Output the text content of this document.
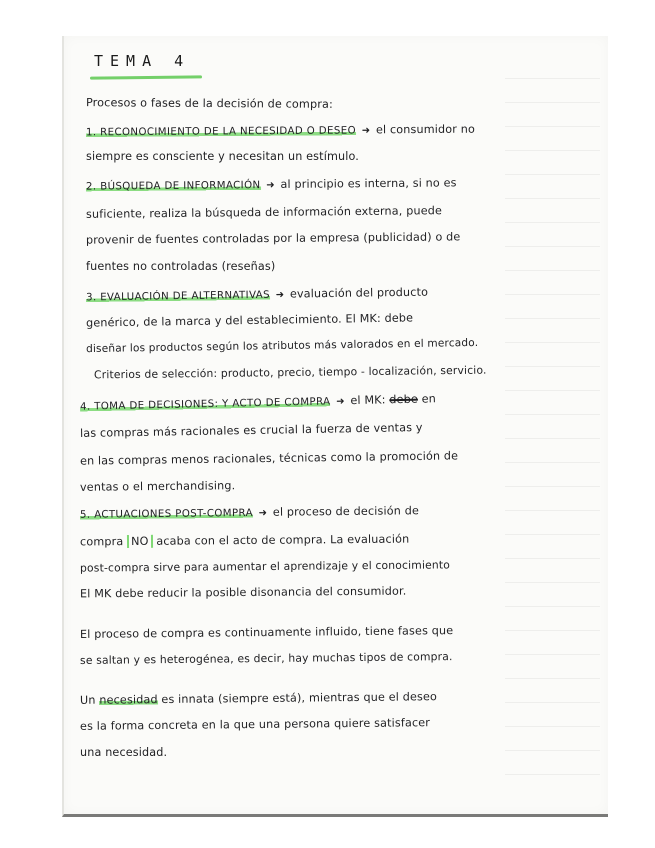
TEMA 4
Procesos o fases de la decisión de compra:
1. RECONOCIMIENTO DE LA NECESIDAD O DESEO ➜ el consumidor no
siempre es consciente y necesitan un estímulo.
2. BÚSQUEDA DE INFORMACIÓN ➜ al principio es interna, si no es
suficiente, realiza la búsqueda de información externa, puede
provenir de fuentes controladas por la empresa (publicidad) o de
fuentes no controladas (reseñas)
3. EVALUACIÓN DE ALTERNATIVAS ➜ evaluación del producto
genérico, de la marca y del establecimiento. El MK: debe
diseñar los productos según los atributos más valorados en el mercado.
Criterios de selección: producto, precio, tiempo - localización, servicio.
4. TOMA DE DECISIONES: Y ACTO DE COMPRA ➜ el MK: debe en
las compras más racionales es crucial la fuerza de ventas y
en las compras menos racionales, técnicas como la promoción de
ventas o el merchandising.
5. ACTUACIONES POST-COMPRA ➜ el proceso de decisión de
compra NO acaba con el acto de compra. La evaluación
post-compra sirve para aumentar el aprendizaje y el conocimiento
El MK debe reducir la posible disonancia del consumidor.
El proceso de compra es continuamente influido, tiene fases que
se saltan y es heterogénea, es decir, hay muchas tipos de compra.
Un necesidad es innata (siempre está), mientras que el deseo
es la forma concreta en la que una persona quiere satisfacer
una necesidad.
